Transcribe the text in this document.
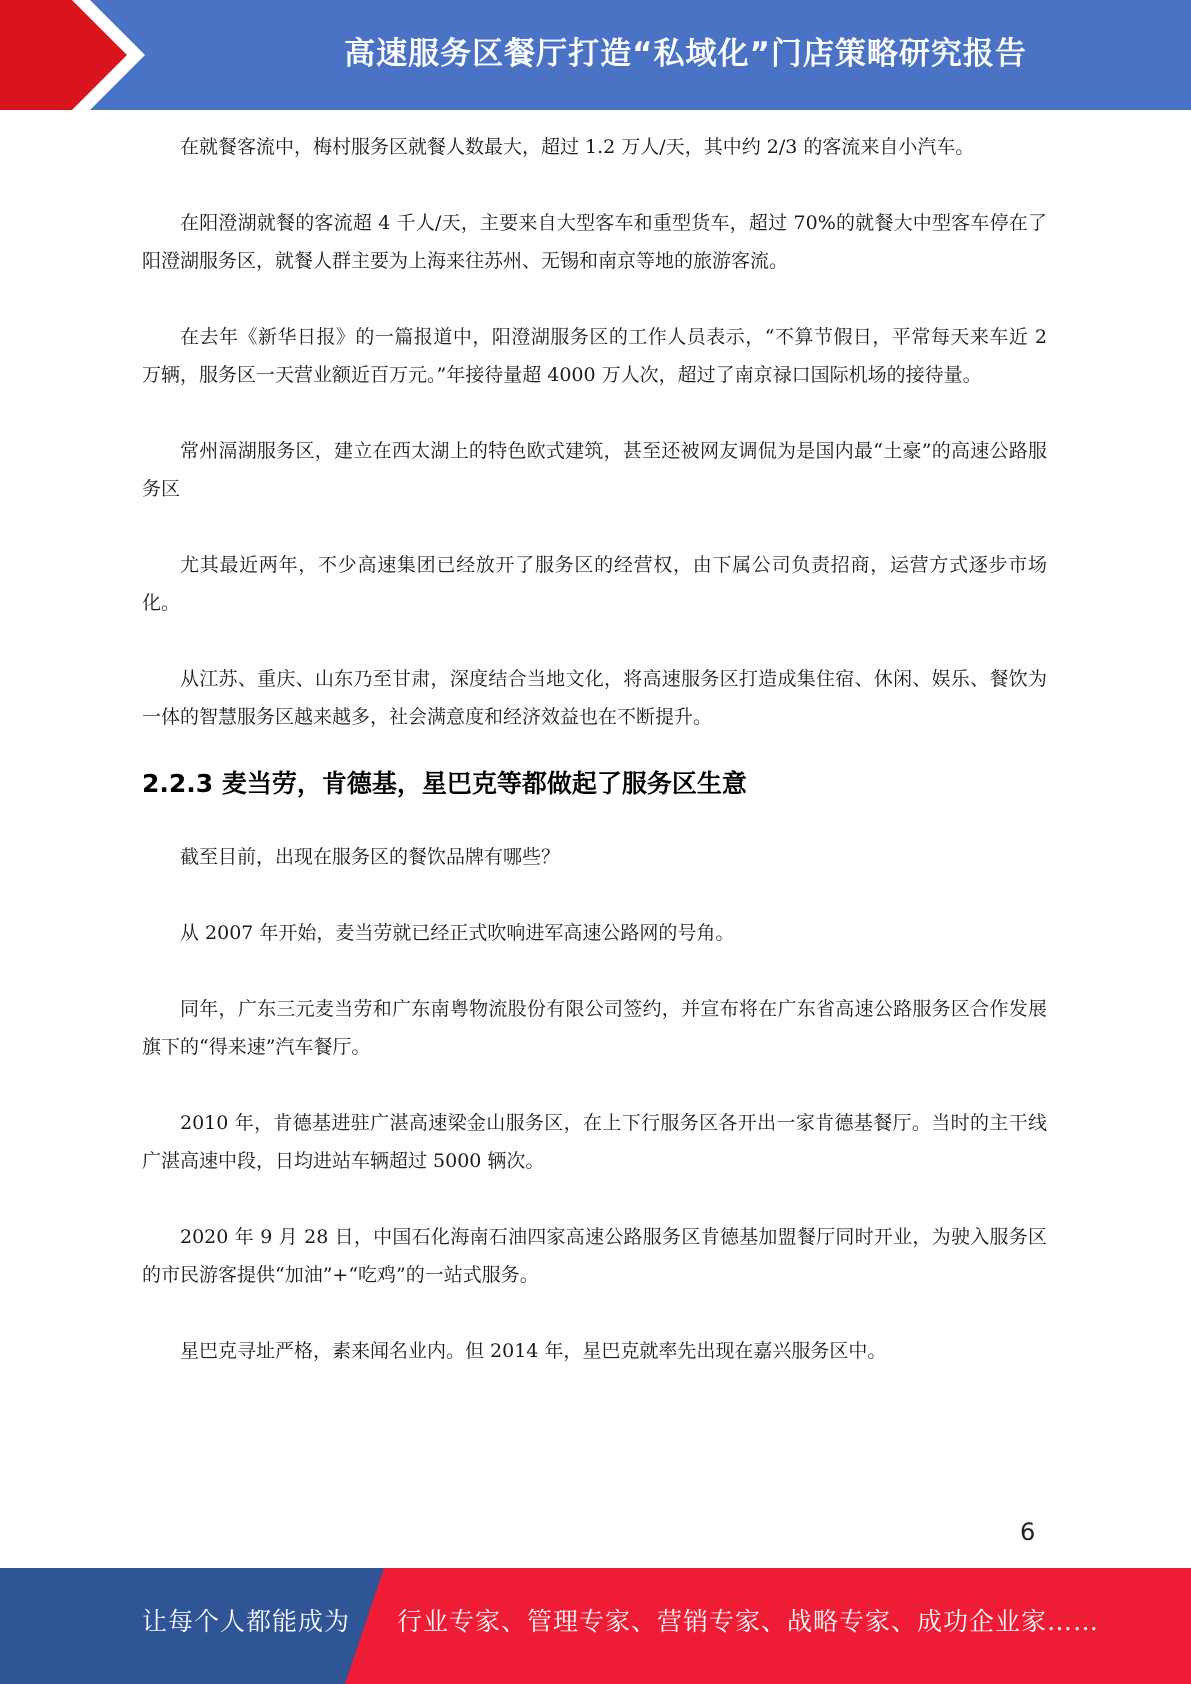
高速服务区餐厅打造“私域化”门店策略研究报告

在就餐客流中，梅村服务区就餐人数最大，超过 1.2 万人/天，其中约 2/3 的客流来自小汽车。

在阳澄湖就餐的客流超 4 千人/天，主要来自大型客车和重型货车，超过 70%的就餐大中型客车停在了阳澄湖服务区，就餐人群主要为上海来往苏州、无锡和南京等地的旅游客流。

在去年《新华日报》的一篇报道中，阳澄湖服务区的工作人员表示，“不算节假日，平常每天来车近 2 万辆，服务区一天营业额近百万元。”年接待量超 4000 万人次，超过了南京禄口国际机场的接待量。

常州滆湖服务区，建立在西太湖上的特色欧式建筑，甚至还被网友调侃为是国内最“土豪”的高速公路服务区

尤其最近两年，不少高速集团已经放开了服务区的经营权，由下属公司负责招商，运营方式逐步市场化。

从江苏、重庆、山东乃至甘肃，深度结合当地文化，将高速服务区打造成集住宿、休闲、娱乐、餐饮为一体的智慧服务区越来越多，社会满意度和经济效益也在不断提升。

2.2.3 麦当劳，肯德基，星巴克等都做起了服务区生意

截至目前，出现在服务区的餐饮品牌有哪些？

从 2007 年开始，麦当劳就已经正式吹响进军高速公路网的号角。

同年，广东三元麦当劳和广东南粤物流股份有限公司签约，并宣布将在广东省高速公路服务区合作发展旗下的“得来速”汽车餐厅。

2010 年，肯德基进驻广湛高速梁金山服务区，在上下行服务区各开出一家肯德基餐厅。当时的主干线广湛高速中段，日均进站车辆超过 5000 辆次。

2020 年 9 月 28 日，中国石化海南石油四家高速公路服务区肯德基加盟餐厅同时开业，为驶入服务区的市民游客提供“加油”+“吃鸡”的一站式服务。

星巴克寻址严格，素来闻名业内。但 2014 年，星巴克就率先出现在嘉兴服务区中。

6
让每个人都能成为 行业专家、管理专家、营销专家、战略专家、成功企业家……
